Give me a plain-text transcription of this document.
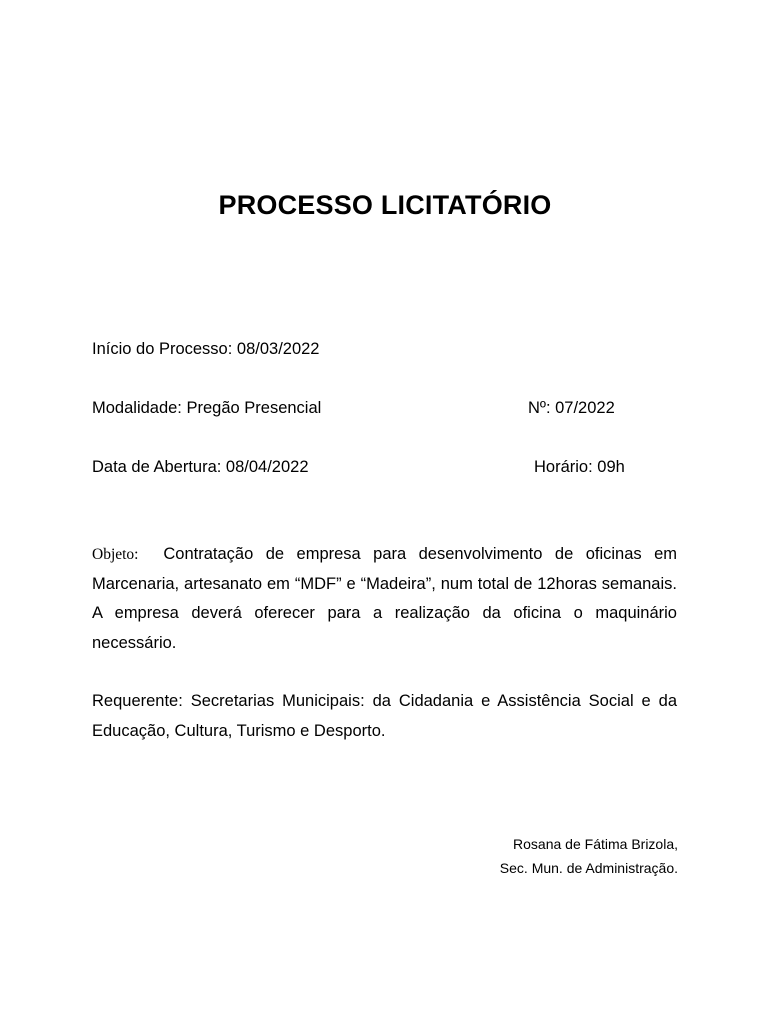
PROCESSO LICITATÓRIO
Início do Processo: 08/03/2022
Modalidade: Pregão Presencial	Nº: 07/2022
Data de Abertura: 08/04/2022	Horário: 09h
Objeto: Contratação de empresa para desenvolvimento de oficinas em Marcenaria, artesanato em “MDF” e “Madeira”, num total de 12horas semanais. A empresa deverá oferecer para a realização da oficina o maquinário necessário.
Requerente: Secretarias Municipais: da Cidadania e Assistência Social e da Educação, Cultura, Turismo e Desporto.
Rosana de Fátima Brizola,
Sec. Mun. de Administração.
